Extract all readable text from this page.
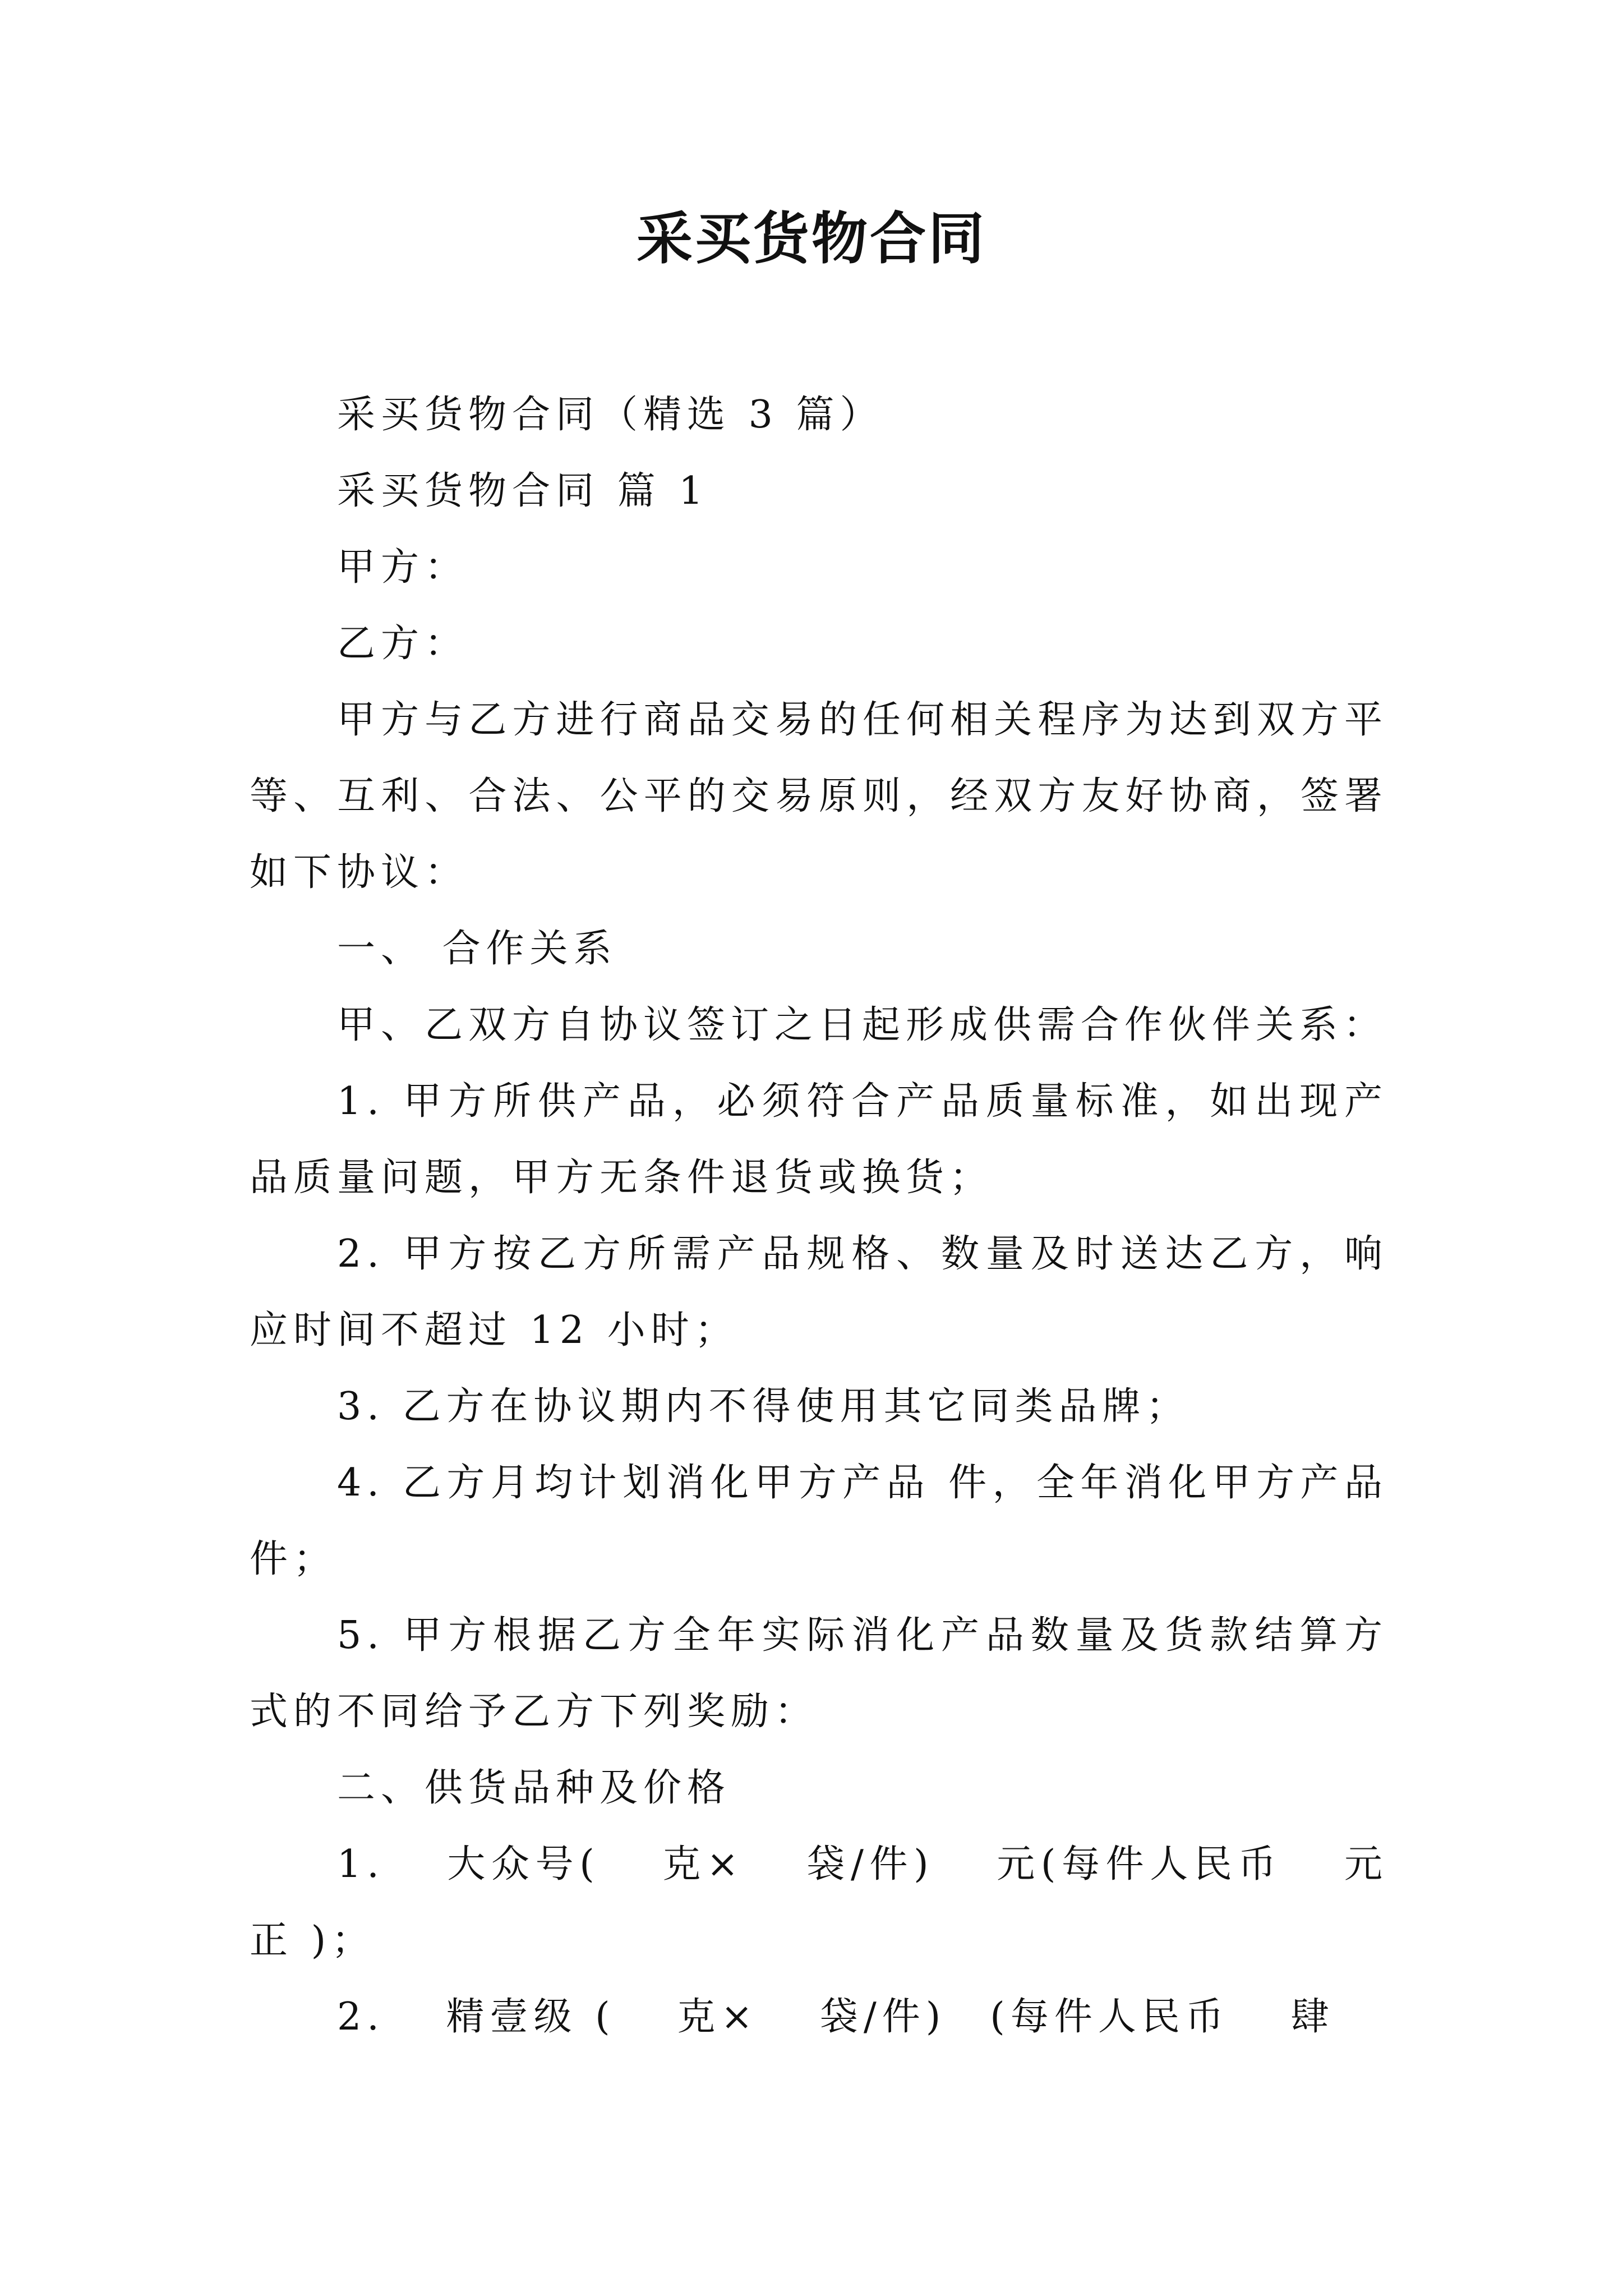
采买货物合同

采买货物合同（精选 3 篇）

采买货物合同 篇 1

甲方：

乙方：

甲方与乙方进行商品交易的任何相关程序为达到双方平等、互利、合法、公平的交易原则，经双方友好协商，签署如下协议：

一、 合作关系

甲、乙双方自协议签订之日起形成供需合作伙伴关系：

1. 甲方所供产品，必须符合产品质量标准，如出现产品质量问题，甲方无条件退货或换货；

2. 甲方按乙方所需产品规格、数量及时送达乙方，响应时间不超过 12 小时；

3. 乙方在协议期内不得使用其它同类品牌；

4. 乙方月均计划消化甲方产品 件，全年消化甲方产品 件；

5. 甲方根据乙方全年实际消化产品数量及货款结算方式的不同给予乙方下列奖励：

二、供货品种及价格

1.　 大众号(　 克×　 袋/件)　 元(每件人民币　 元正 )；

2.　 精壹级 (　 克×　 袋/件)　(每件人民币　 肆
